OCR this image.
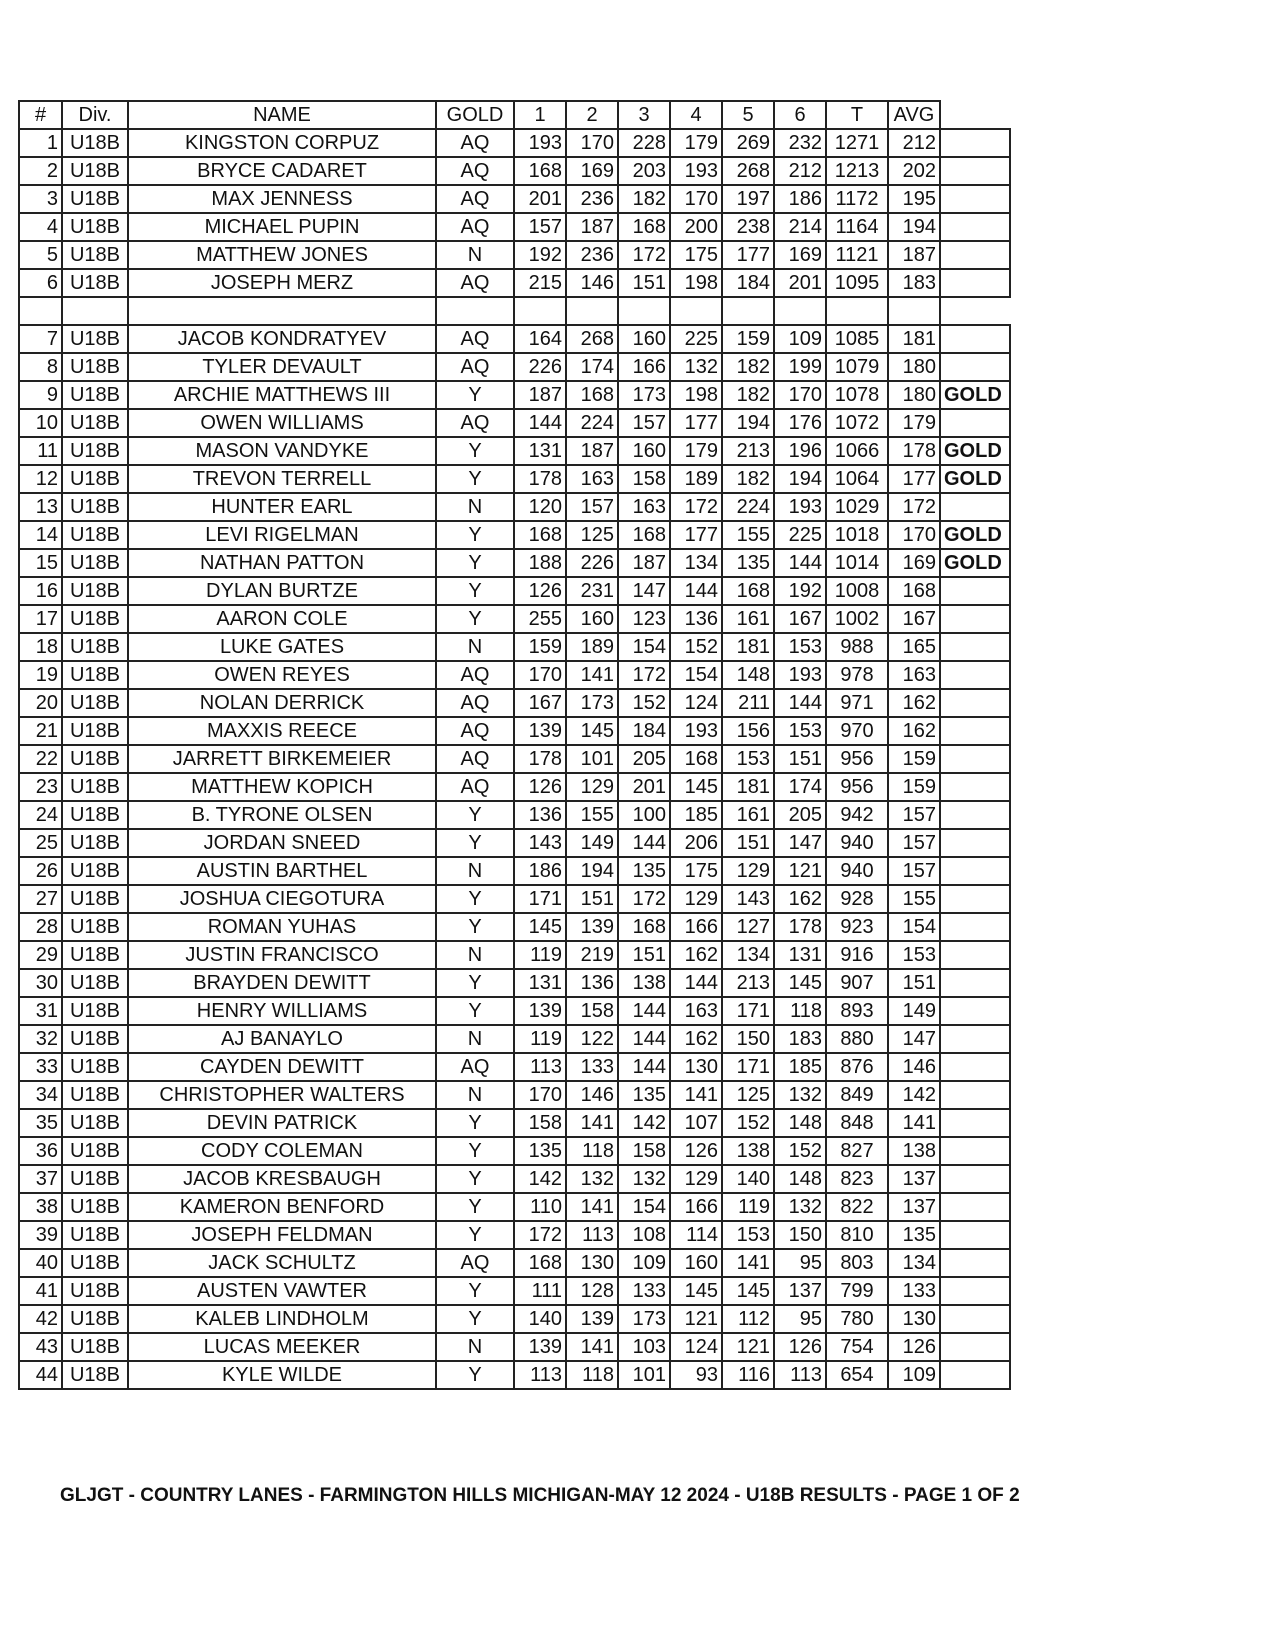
#	Div.	NAME	GOLD	1	2	3	4	5	6	T	AVG	
1	U18B	KINGSTON CORPUZ	AQ	193	170	228	179	269	232	1271	212	
2	U18B	BRYCE CADARET	AQ	168	169	203	193	268	212	1213	202	
3	U18B	MAX JENNESS	AQ	201	236	182	170	197	186	1172	195	
4	U18B	MICHAEL PUPIN	AQ	157	187	168	200	238	214	1164	194	
5	U18B	MATTHEW JONES	N	192	236	172	175	177	169	1121	187	
6	U18B	JOSEPH MERZ	AQ	215	146	151	198	184	201	1095	183	

7	U18B	JACOB KONDRATYEV	AQ	164	268	160	225	159	109	1085	181	
8	U18B	TYLER DEVAULT	AQ	226	174	166	132	182	199	1079	180	
9	U18B	ARCHIE MATTHEWS III	Y	187	168	173	198	182	170	1078	180	GOLD
10	U18B	OWEN WILLIAMS	AQ	144	224	157	177	194	176	1072	179	
11	U18B	MASON VANDYKE	Y	131	187	160	179	213	196	1066	178	GOLD
12	U18B	TREVON TERRELL	Y	178	163	158	189	182	194	1064	177	GOLD
13	U18B	HUNTER EARL	N	120	157	163	172	224	193	1029	172	
14	U18B	LEVI RIGELMAN	Y	168	125	168	177	155	225	1018	170	GOLD
15	U18B	NATHAN PATTON	Y	188	226	187	134	135	144	1014	169	GOLD
16	U18B	DYLAN BURTZE	Y	126	231	147	144	168	192	1008	168	
17	U18B	AARON COLE	Y	255	160	123	136	161	167	1002	167	
18	U18B	LUKE GATES	N	159	189	154	152	181	153	988	165	
19	U18B	OWEN REYES	AQ	170	141	172	154	148	193	978	163	
20	U18B	NOLAN DERRICK	AQ	167	173	152	124	211	144	971	162	
21	U18B	MAXXIS REECE	AQ	139	145	184	193	156	153	970	162	
22	U18B	JARRETT BIRKEMEIER	AQ	178	101	205	168	153	151	956	159	
23	U18B	MATTHEW KOPICH	AQ	126	129	201	145	181	174	956	159	
24	U18B	B. TYRONE OLSEN	Y	136	155	100	185	161	205	942	157	
25	U18B	JORDAN SNEED	Y	143	149	144	206	151	147	940	157	
26	U18B	AUSTIN BARTHEL	N	186	194	135	175	129	121	940	157	
27	U18B	JOSHUA CIEGOTURA	Y	171	151	172	129	143	162	928	155	
28	U18B	ROMAN YUHAS	Y	145	139	168	166	127	178	923	154	
29	U18B	JUSTIN FRANCISCO	N	119	219	151	162	134	131	916	153	
30	U18B	BRAYDEN DEWITT	Y	131	136	138	144	213	145	907	151	
31	U18B	HENRY WILLIAMS	Y	139	158	144	163	171	118	893	149	
32	U18B	AJ BANAYLO	N	119	122	144	162	150	183	880	147	
33	U18B	CAYDEN DEWITT	AQ	113	133	144	130	171	185	876	146	
34	U18B	CHRISTOPHER WALTERS	N	170	146	135	141	125	132	849	142	
35	U18B	DEVIN PATRICK	Y	158	141	142	107	152	148	848	141	
36	U18B	CODY COLEMAN	Y	135	118	158	126	138	152	827	138	
37	U18B	JACOB KRESBAUGH	Y	142	132	132	129	140	148	823	137	
38	U18B	KAMERON BENFORD	Y	110	141	154	166	119	132	822	137	
39	U18B	JOSEPH FELDMAN	Y	172	113	108	114	153	150	810	135	
40	U18B	JACK SCHULTZ	AQ	168	130	109	160	141	95	803	134	
41	U18B	AUSTEN VAWTER	Y	111	128	133	145	145	137	799	133	
42	U18B	KALEB LINDHOLM	Y	140	139	173	121	112	95	780	130	
43	U18B	LUCAS MEEKER	N	139	141	103	124	121	126	754	126	
44	U18B	KYLE WILDE	Y	113	118	101	93	116	113	654	109	
GLJGT - COUNTRY LANES - FARMINGTON HILLS MICHIGAN-MAY 12 2024 - U18B RESULTS - PAGE 1 OF 2
